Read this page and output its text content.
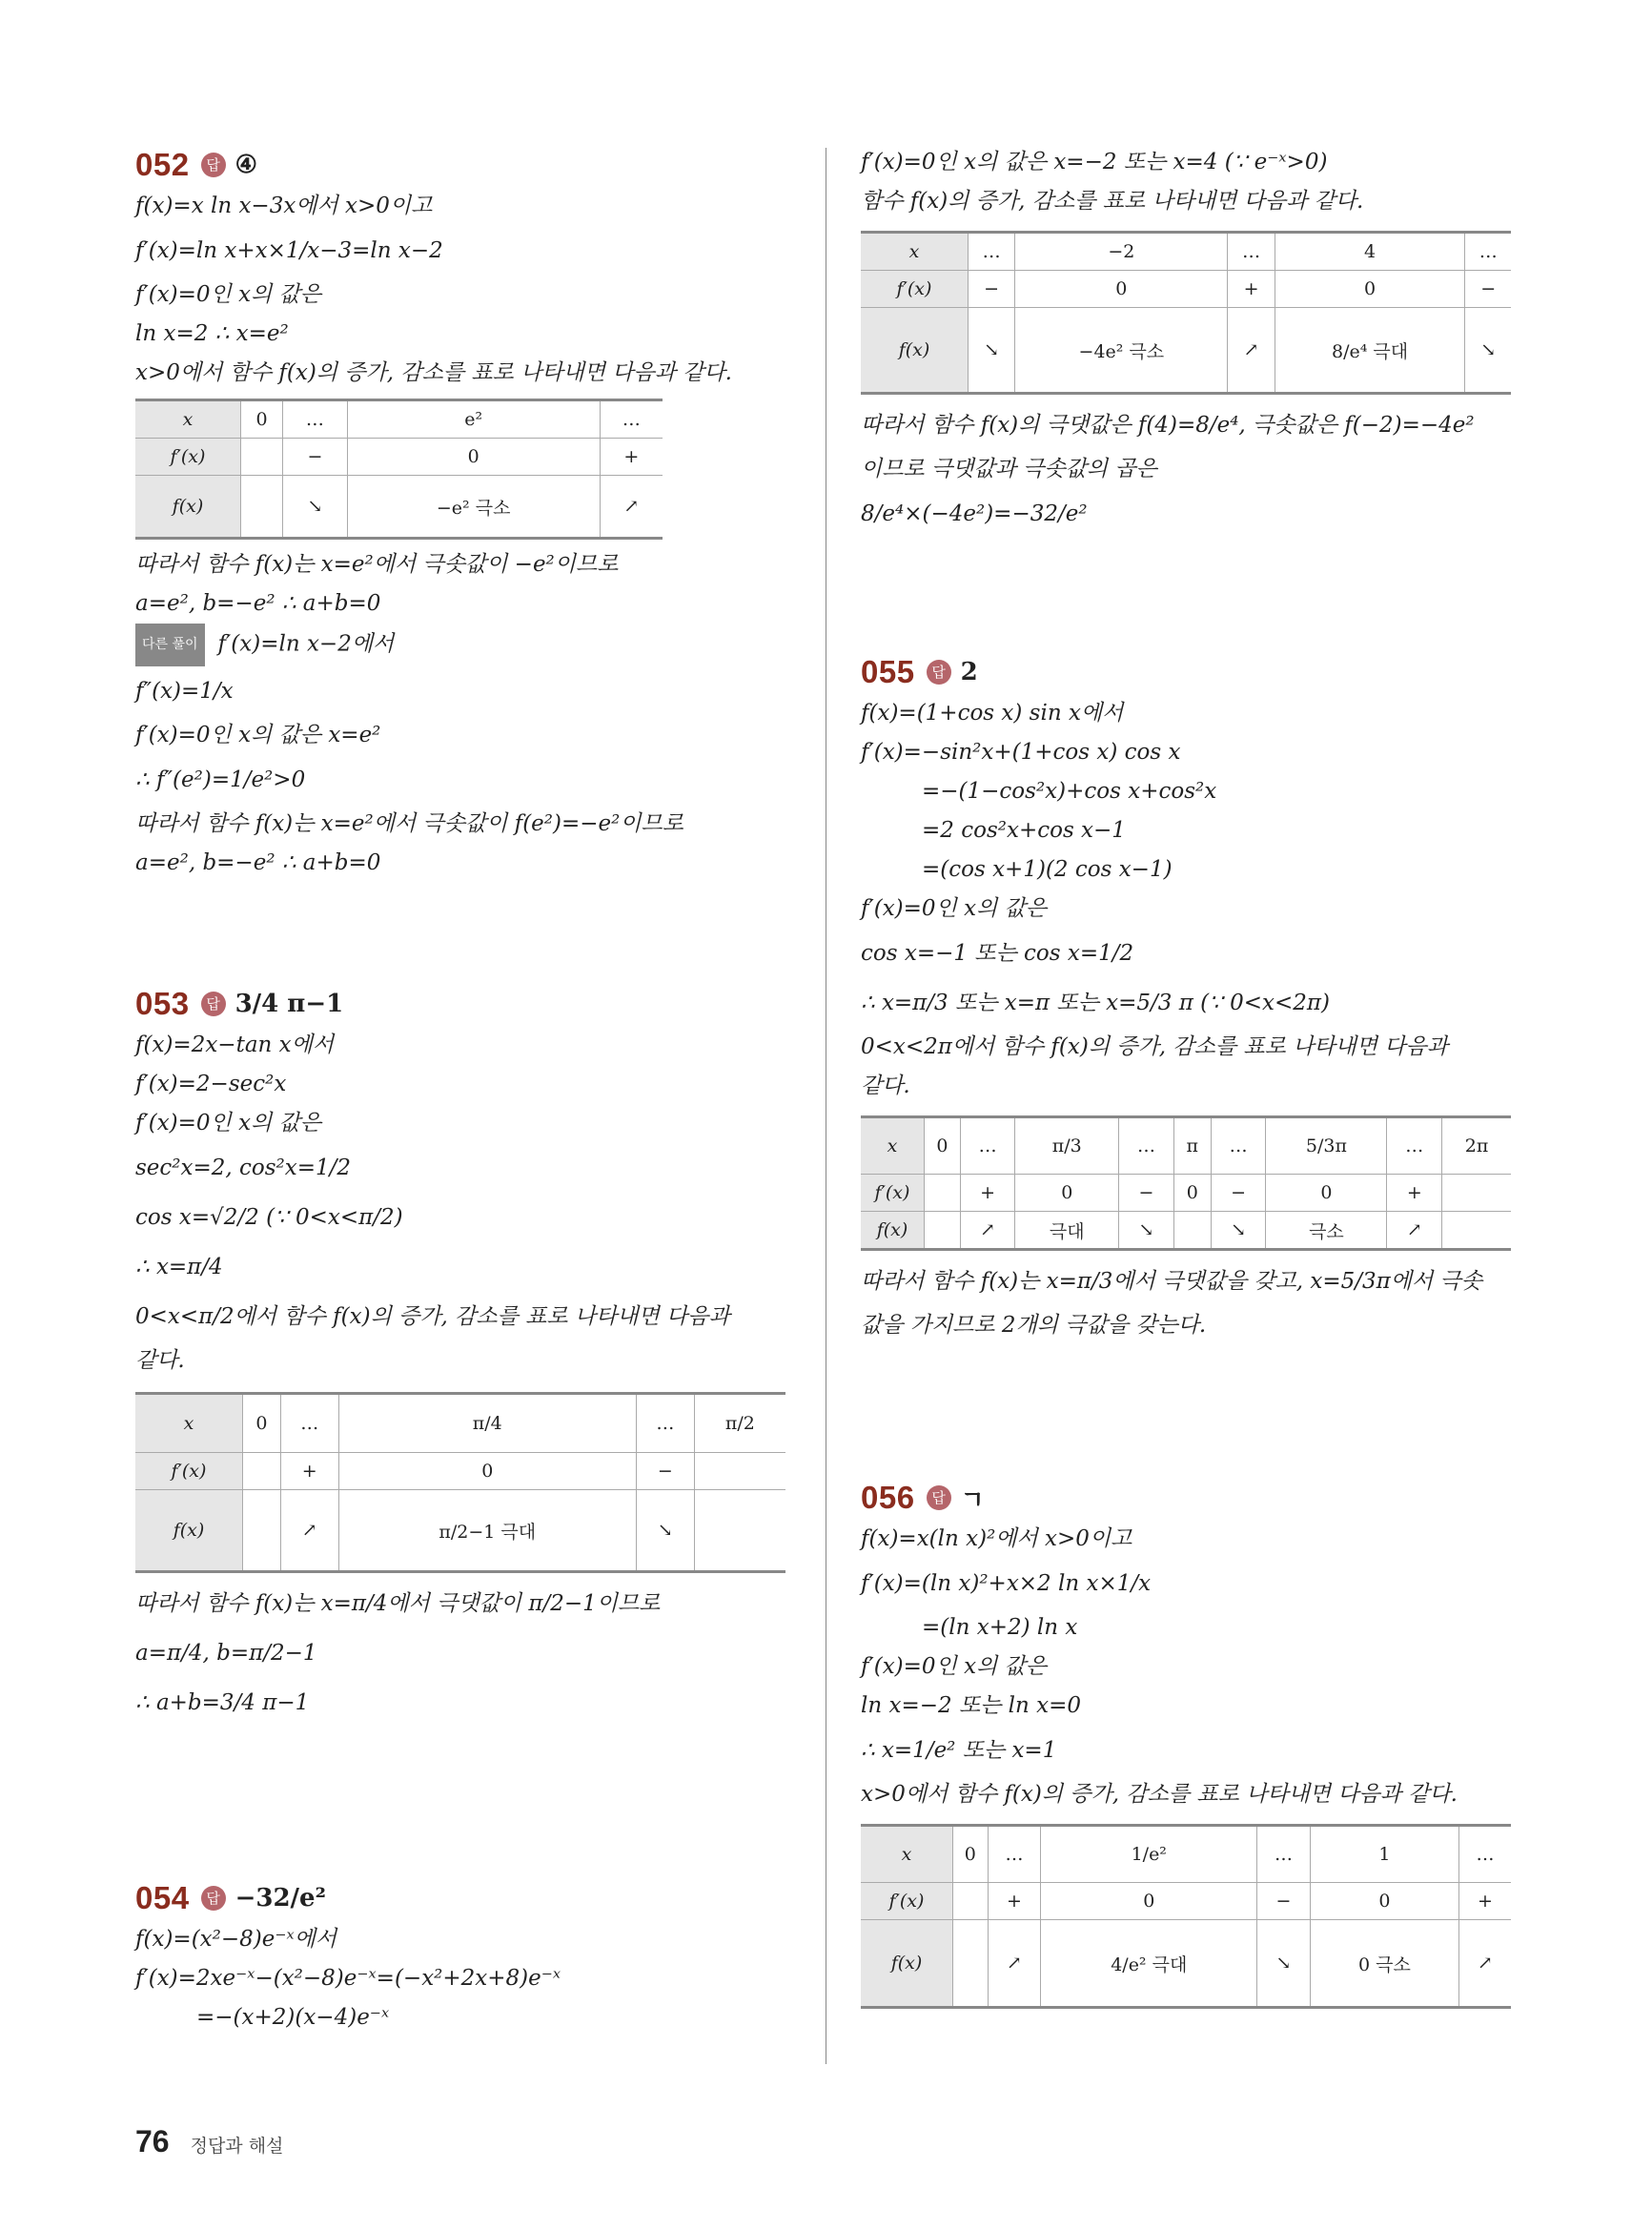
052	답 ④
f(x)=x ln x−3x에서 x>0이고
f′(x)=ln x+x×1/x−3=ln x−2
f′(x)=0인 x의 값은
ln x=2 ∴ x=e²
x>0에서 함수 f(x)의 증가, 감소를 표로 나타내면 다음과 같다.
x	0	…	e²	…
f′(x)		−	0	+
f(x)		↘	−e² 극소	↗
따라서 함수 f(x)는 x=e²에서 극솟값이 −e²이므로
a=e², b=−e² ∴ a+b=0
다른 풀이 f′(x)=ln x−2에서
f″(x)=1/x
f′(x)=0인 x의 값은 x=e²
∴ f″(e²)=1/e²>0
따라서 함수 f(x)는 x=e²에서 극솟값이 f(e²)=−e²이므로
a=e², b=−e² ∴ a+b=0
053	답 3/4 π−1
f(x)=2x−tan x에서
f′(x)=2−sec²x
f′(x)=0인 x의 값은
sec²x=2, cos²x=1/2
cos x=√2/2 (∵ 0<x<π/2)
∴ x=π/4
0<x<π/2에서 함수 f(x)의 증가, 감소를 표로 나타내면 다음과
같다.
x	0	…	π/4	…	π/2
f′(x)		+	0	−	
f(x)		↗	π/2−1 극대	↘	
따라서 함수 f(x)는 x=π/4에서 극댓값이 π/2−1이므로
a=π/4, b=π/2−1
∴ a+b=3/4 π−1
054	답 −32/e²
f(x)=(x²−8)e⁻ˣ에서
f′(x)=2xe⁻ˣ−(x²−8)e⁻ˣ=(−x²+2x+8)e⁻ˣ
=−(x+2)(x−4)e⁻ˣ
f′(x)=0인 x의 값은 x=−2 또는 x=4 (∵ e⁻ˣ>0)
함수 f(x)의 증가, 감소를 표로 나타내면 다음과 같다.
x	…	−2	…	4	…
f′(x)	−	0	+	0	−
f(x)	↘	−4e² 극소	↗	8/e⁴ 극대	↘
따라서 함수 f(x)의 극댓값은 f(4)=8/e⁴, 극솟값은 f(−2)=−4e²
이므로 극댓값과 극솟값의 곱은
8/e⁴×(−4e²)=−32/e²
055	답 2
f(x)=(1+cos x) sin x에서
f′(x)=−sin²x+(1+cos x) cos x
=−(1−cos²x)+cos x+cos²x
=2 cos²x+cos x−1
=(cos x+1)(2 cos x−1)
f′(x)=0인 x의 값은
cos x=−1 또는 cos x=1/2
∴ x=π/3 또는 x=π 또는 x=5/3 π (∵ 0<x<2π)
0<x<2π에서 함수 f(x)의 증가, 감소를 표로 나타내면 다음과
같다.
x	0	…	π/3	…	π	…	5/3π	…	2π
f′(x)		+	0	−	0	−	0	+	
f(x)		↗	극대	↘		↘	극소	↗	
따라서 함수 f(x)는 x=π/3에서 극댓값을 갖고, x=5/3π에서 극솟
값을 가지므로 2개의 극값을 갖는다.
056	답 ㄱ
f(x)=x(ln x)²에서 x>0이고
f′(x)=(ln x)²+x×2 ln x×1/x
=(ln x+2) ln x
f′(x)=0인 x의 값은
ln x=−2 또는 ln x=0
∴ x=1/e² 또는 x=1
x>0에서 함수 f(x)의 증가, 감소를 표로 나타내면 다음과 같다.
x	0	…	1/e²	…	1	…
f′(x)		+	0	−	0	+
f(x)		↗	4/e² 극대	↘	0 극소	↗
76 정답과 해설
